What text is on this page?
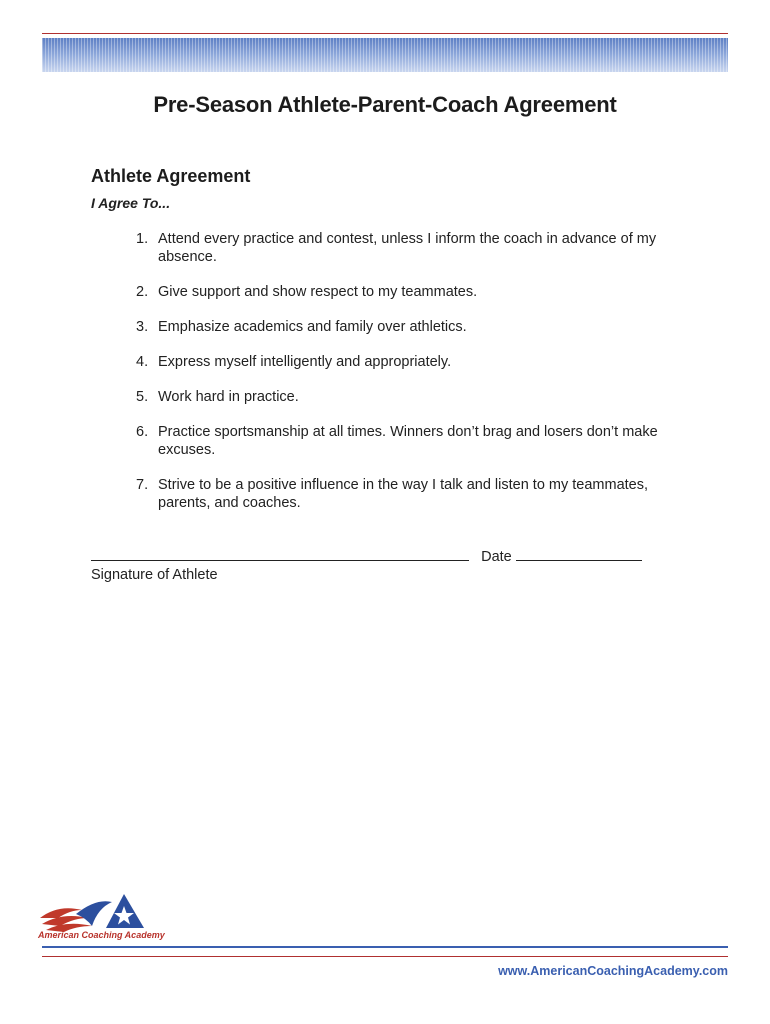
Pre-Season Athlete-Parent-Coach Agreement
Athlete Agreement
I Agree To...
1. Attend every practice and contest, unless I inform the coach in advance of my absence.
2. Give support and show respect to my teammates.
3. Emphasize academics and family over athletics.
4. Express myself intelligently and appropriately.
5. Work hard in practice.
6. Practice sportsmanship at all times. Winners don’t brag and losers don’t make excuses.
7. Strive to be a positive influence in the way I talk and listen to my teammates, parents, and coaches.
Date
Signature of Athlete
American Coaching Academy
www.AmericanCoachingAcademy.com
